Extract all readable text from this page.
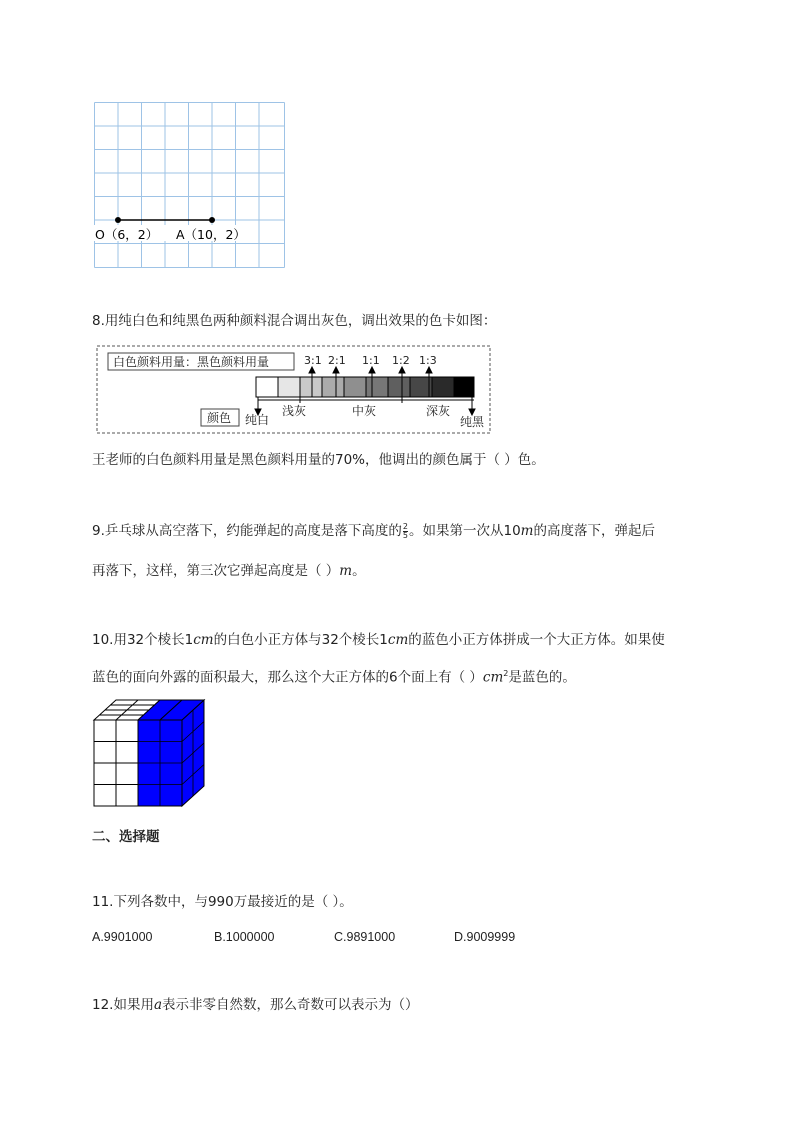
O（6，2） A（10，2）
8.用纯白色和纯黑色两种颜料混合调出灰色，调出效果的色卡如图：
白色颜料用量：黑色颜料用量	3:1 2:1 1:1 1:2 1:3
颜色 纯白
浅灰	中灰	深灰
纯黑
王老师的白色颜料用量是黑色颜料用量的70%，他调出的颜色属于（ ）色。
9.乒乓球从高空落下，约能弹起的高度是落下高度的 $\frac{2}{5}$ 。如果第一次从10m的高度落下，弹起后
再落下，这样，第三次它弹起高度是（ ）m。
10.用32个棱长1cm的白色小正方体与32个棱长1cm的蓝色小正方体拼成一个大正方体。如果使
蓝色的面向外露的面积最大，那么这个大正方体的6个面上有（ ）$cm^2$是蓝色的。
二、选择题
11.下列各数中，与990万最接近的是（ ）。
A.9901000	B.1000000	C.9891000	D.9009999
12.如果用a表示非零自然数，那么奇数可以表示为（）
